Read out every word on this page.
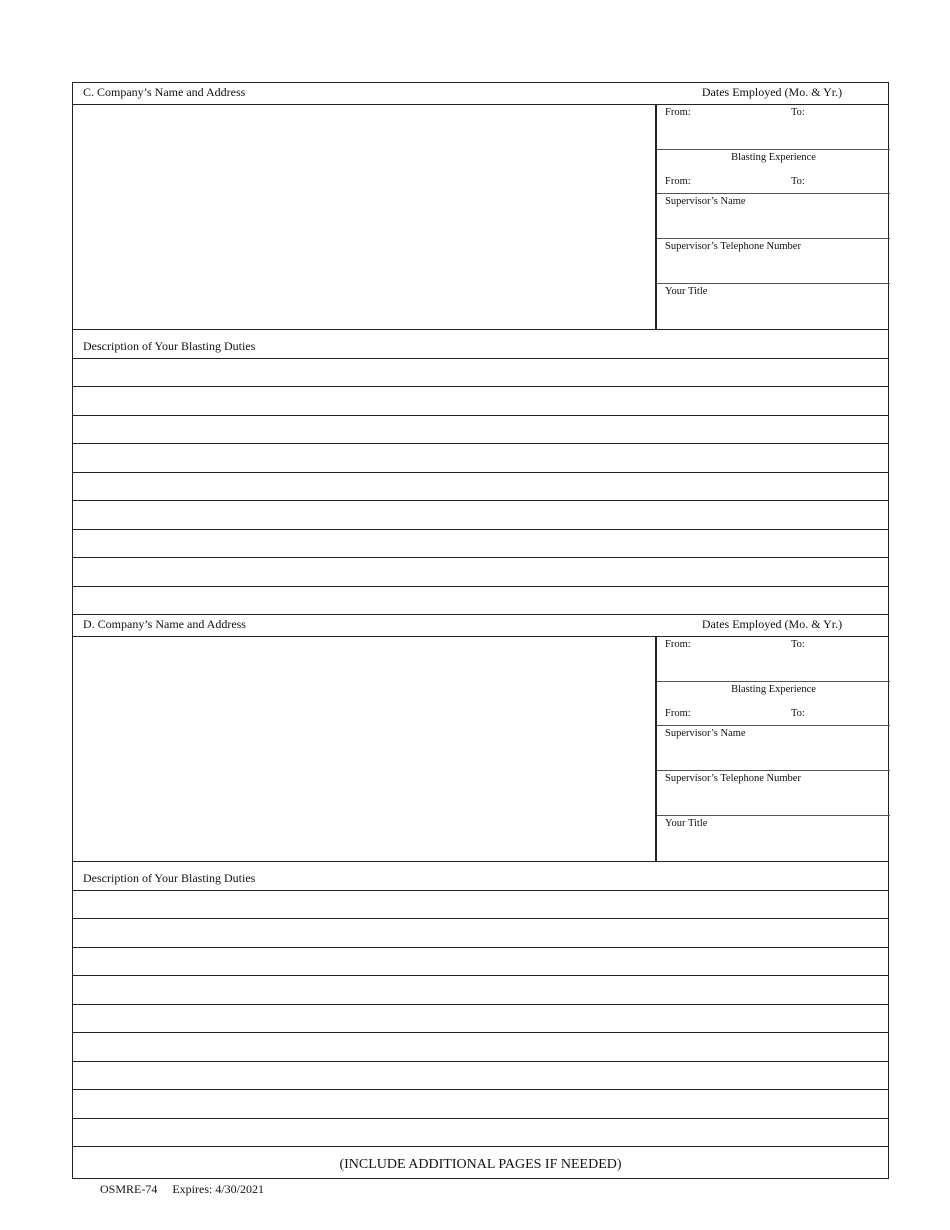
C. Company’s Name and Address	Dates Employed (Mo. & Yr.)
From:	To:
Blasting Experience
From:	To:
Supervisor’s Name
Supervisor’s Telephone Number
Your Title
Description of Your Blasting Duties
D. Company’s Name and Address	Dates Employed (Mo. & Yr.)
From:	To:
Blasting Experience
From:	To:
Supervisor’s Name
Supervisor’s Telephone Number
Your Title
Description of Your Blasting Duties
(INCLUDE ADDITIONAL PAGES IF NEEDED)
OSMRE-74 Expires: 4/30/2021
